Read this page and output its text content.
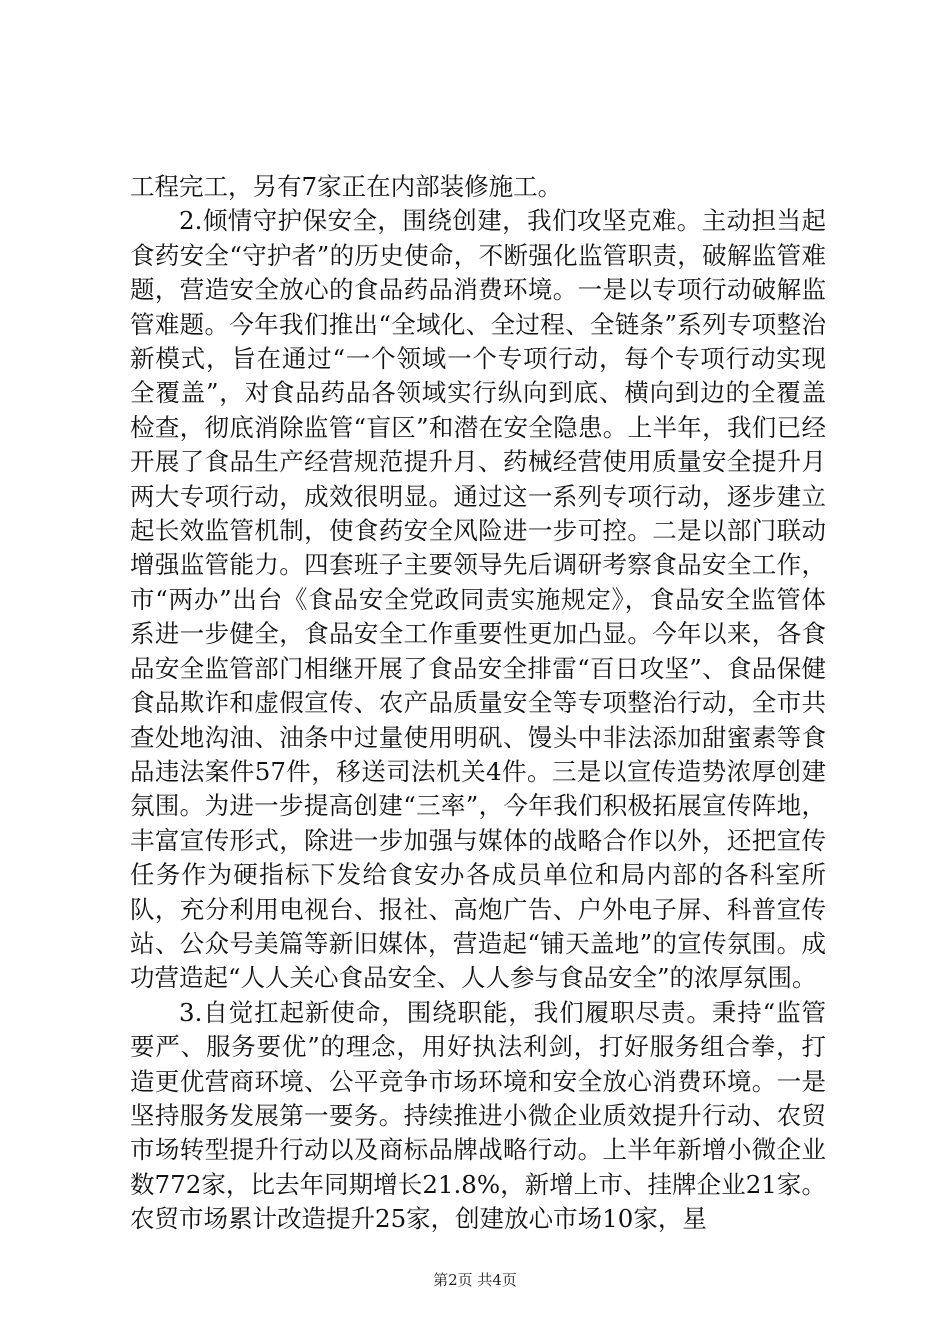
工程完工，另有7家正在内部装修施工。

2.倾情守护保安全，围绕创建，我们攻坚克难。主动担当起食药安全“守护者”的历史使命，不断强化监管职责，破解监管难题，营造安全放心的食品药品消费环境。一是以专项行动破解监管难题。今年我们推出“全域化、全过程、全链条”系列专项整治新模式，旨在通过“一个领域一个专项行动，每个专项行动实现全覆盖”，对食品药品各领域实行纵向到底、横向到边的全覆盖检查，彻底消除监管“盲区”和潜在安全隐患。上半年，我们已经开展了食品生产经营规范提升月、药械经营使用质量安全提升月两大专项行动，成效很明显。通过这一系列专项行动，逐步建立起长效监管机制，使食药安全风险进一步可控。二是以部门联动增强监管能力。四套班子主要领导先后调研考察食品安全工作，市“两办”出台《食品安全党政同责实施规定》，食品安全监管体系进一步健全，食品安全工作重要性更加凸显。今年以来，各食品安全监管部门相继开展了食品安全排雷“百日攻坚”、食品保健食品欺诈和虚假宣传、农产品质量安全等专项整治行动，全市共查处地沟油、油条中过量使用明矾、馒头中非法添加甜蜜素等食品违法案件57件，移送司法机关4件。三是以宣传造势浓厚创建氛围。为进一步提高创建“三率”，今年我们积极拓展宣传阵地，丰富宣传形式，除进一步加强与媒体的战略合作以外，还把宣传任务作为硬指标下发给食安办各成员单位和局内部的各科室所队，充分利用电视台、报社、高炮广告、户外电子屏、科普宣传站、公众号美篇等新旧媒体，营造起“铺天盖地”的宣传氛围。成功营造起“人人关心食品安全、人人参与食品安全”的浓厚氛围。

3.自觉扛起新使命，围绕职能，我们履职尽责。秉持“监管要严、服务要优”的理念，用好执法利剑，打好服务组合拳，打造更优营商环境、公平竞争市场环境和安全放心消费环境。一是坚持服务发展第一要务。持续推进小微企业质效提升行动、农贸市场转型提升行动以及商标品牌战略行动。上半年新增小微企业数772家，比去年同期增长21.8%，新增上市、挂牌企业21家。农贸市场累计改造提升25家，创建放心市场10家，星

第2页 共4页
